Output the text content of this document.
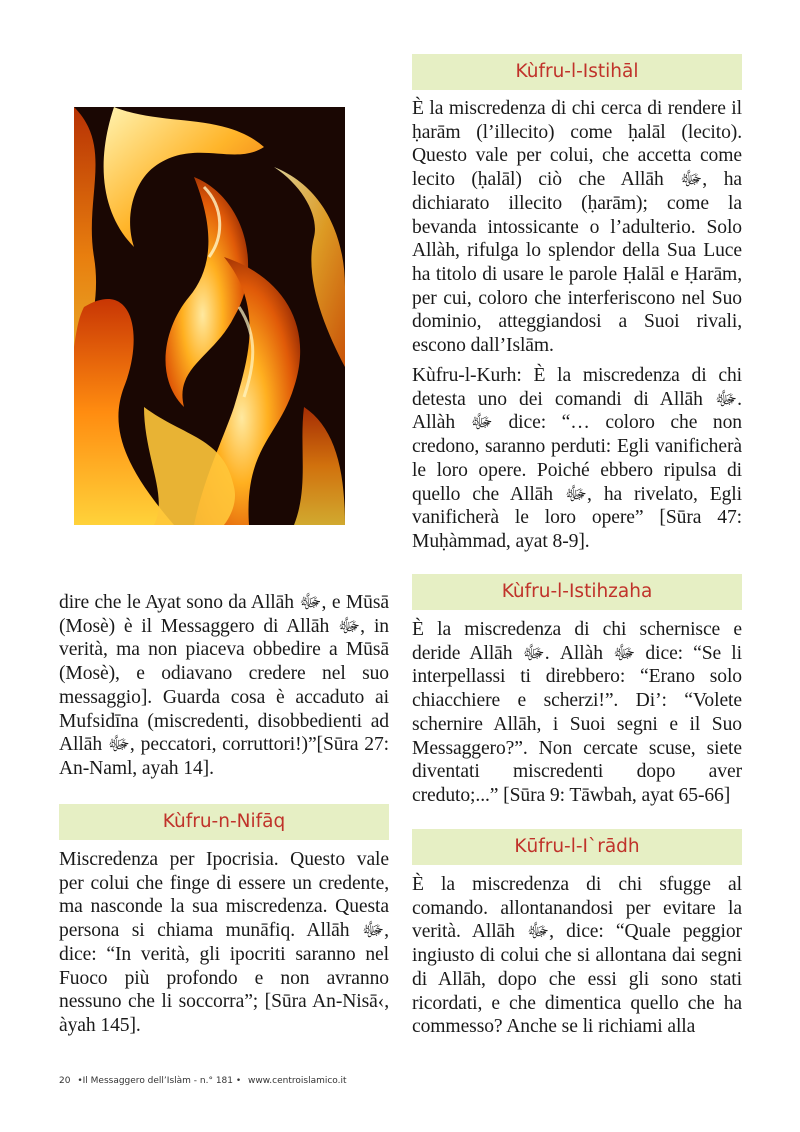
dire che le Ayat sono da Allāh ﷻ, e Mūsā (Mosè) è il Messaggero di Allāh ﷻ, in verità, ma non piaceva obbedire a Mūsā (Mosè), e odiavano credere nel suo messaggio]. Guarda cosa è accaduto ai Mufsidīna (miscredenti, disobbedienti ad Allāh ﷻ, peccatori, corruttori!)”[Sūra 27: An-Naml, ayah 14].
Kùfru-n-Nifāq
Miscredenza per Ipocrisia. Questo vale per colui che finge di essere un credente, ma nasconde la sua miscredenza. Questa persona si chiama munāfiq. Allāh ﷻ, dice: “In verità, gli ipocriti saranno nel Fuoco più profondo e non avranno nessuno che li soccorra”; [Sūra An-Nisā‹, àyah 145].
Kùfru-l-Istihāl
È la miscredenza di chi cerca di rendere il ḥarām (l’illecito) come ḥalāl (lecito). Questo vale per colui, che accetta come lecito (ḥalāl) ciò che Allāh ﷻ, ha dichiarato illecito (ḥarām); come la bevanda intossicante o l’adulterio. Solo Allàh, rifulga lo splendor della Sua Luce ha titolo di usare le parole Ḥalāl e Ḥarām, per cui, coloro che interferiscono nel Suo dominio, atteggiandosi a Suoi rivali, escono dall’Islām.
Kùfru-l-Kurh: È la miscredenza di chi detesta uno dei comandi di Allāh ﷻ. Allàh ﷻ dice: “… coloro che non credono, saranno perduti: Egli vanificherà le loro opere. Poiché ebbero ripulsa di quello che Allāh ﷻ, ha rivelato, Egli vanificherà le loro opere” [Sūra 47: Muḥàmmad, ayat 8-9].
Kùfru-l-Istihzaha
È la miscredenza di chi schernisce e deride Allāh ﷻ. Allàh ﷻ dice: “Se li interpellassi ti direbbero: “Erano solo chiacchiere e scherzi!”. Di’: “Volete schernire Allāh, i Suoi segni e il Suo Messaggero?”. Non cercate scuse, siete diventati miscredenti dopo aver creduto;...” [Sūra 9: Tāwbah, ayat 65-66]
Kūfru-l-I`rādh
È la miscredenza di chi sfugge al comando. allontanandosi per evitare la verità. Allāh ﷻ, dice: “Quale peggior ingiusto di colui che si allontana dai segni di Allāh, dopo che essi gli sono stati ricordati, e che dimentica quello che ha commesso? Anche se li richiami alla
20 •Il Messaggero dell’Islàm - n.° 181 • www.centroislamico.it
